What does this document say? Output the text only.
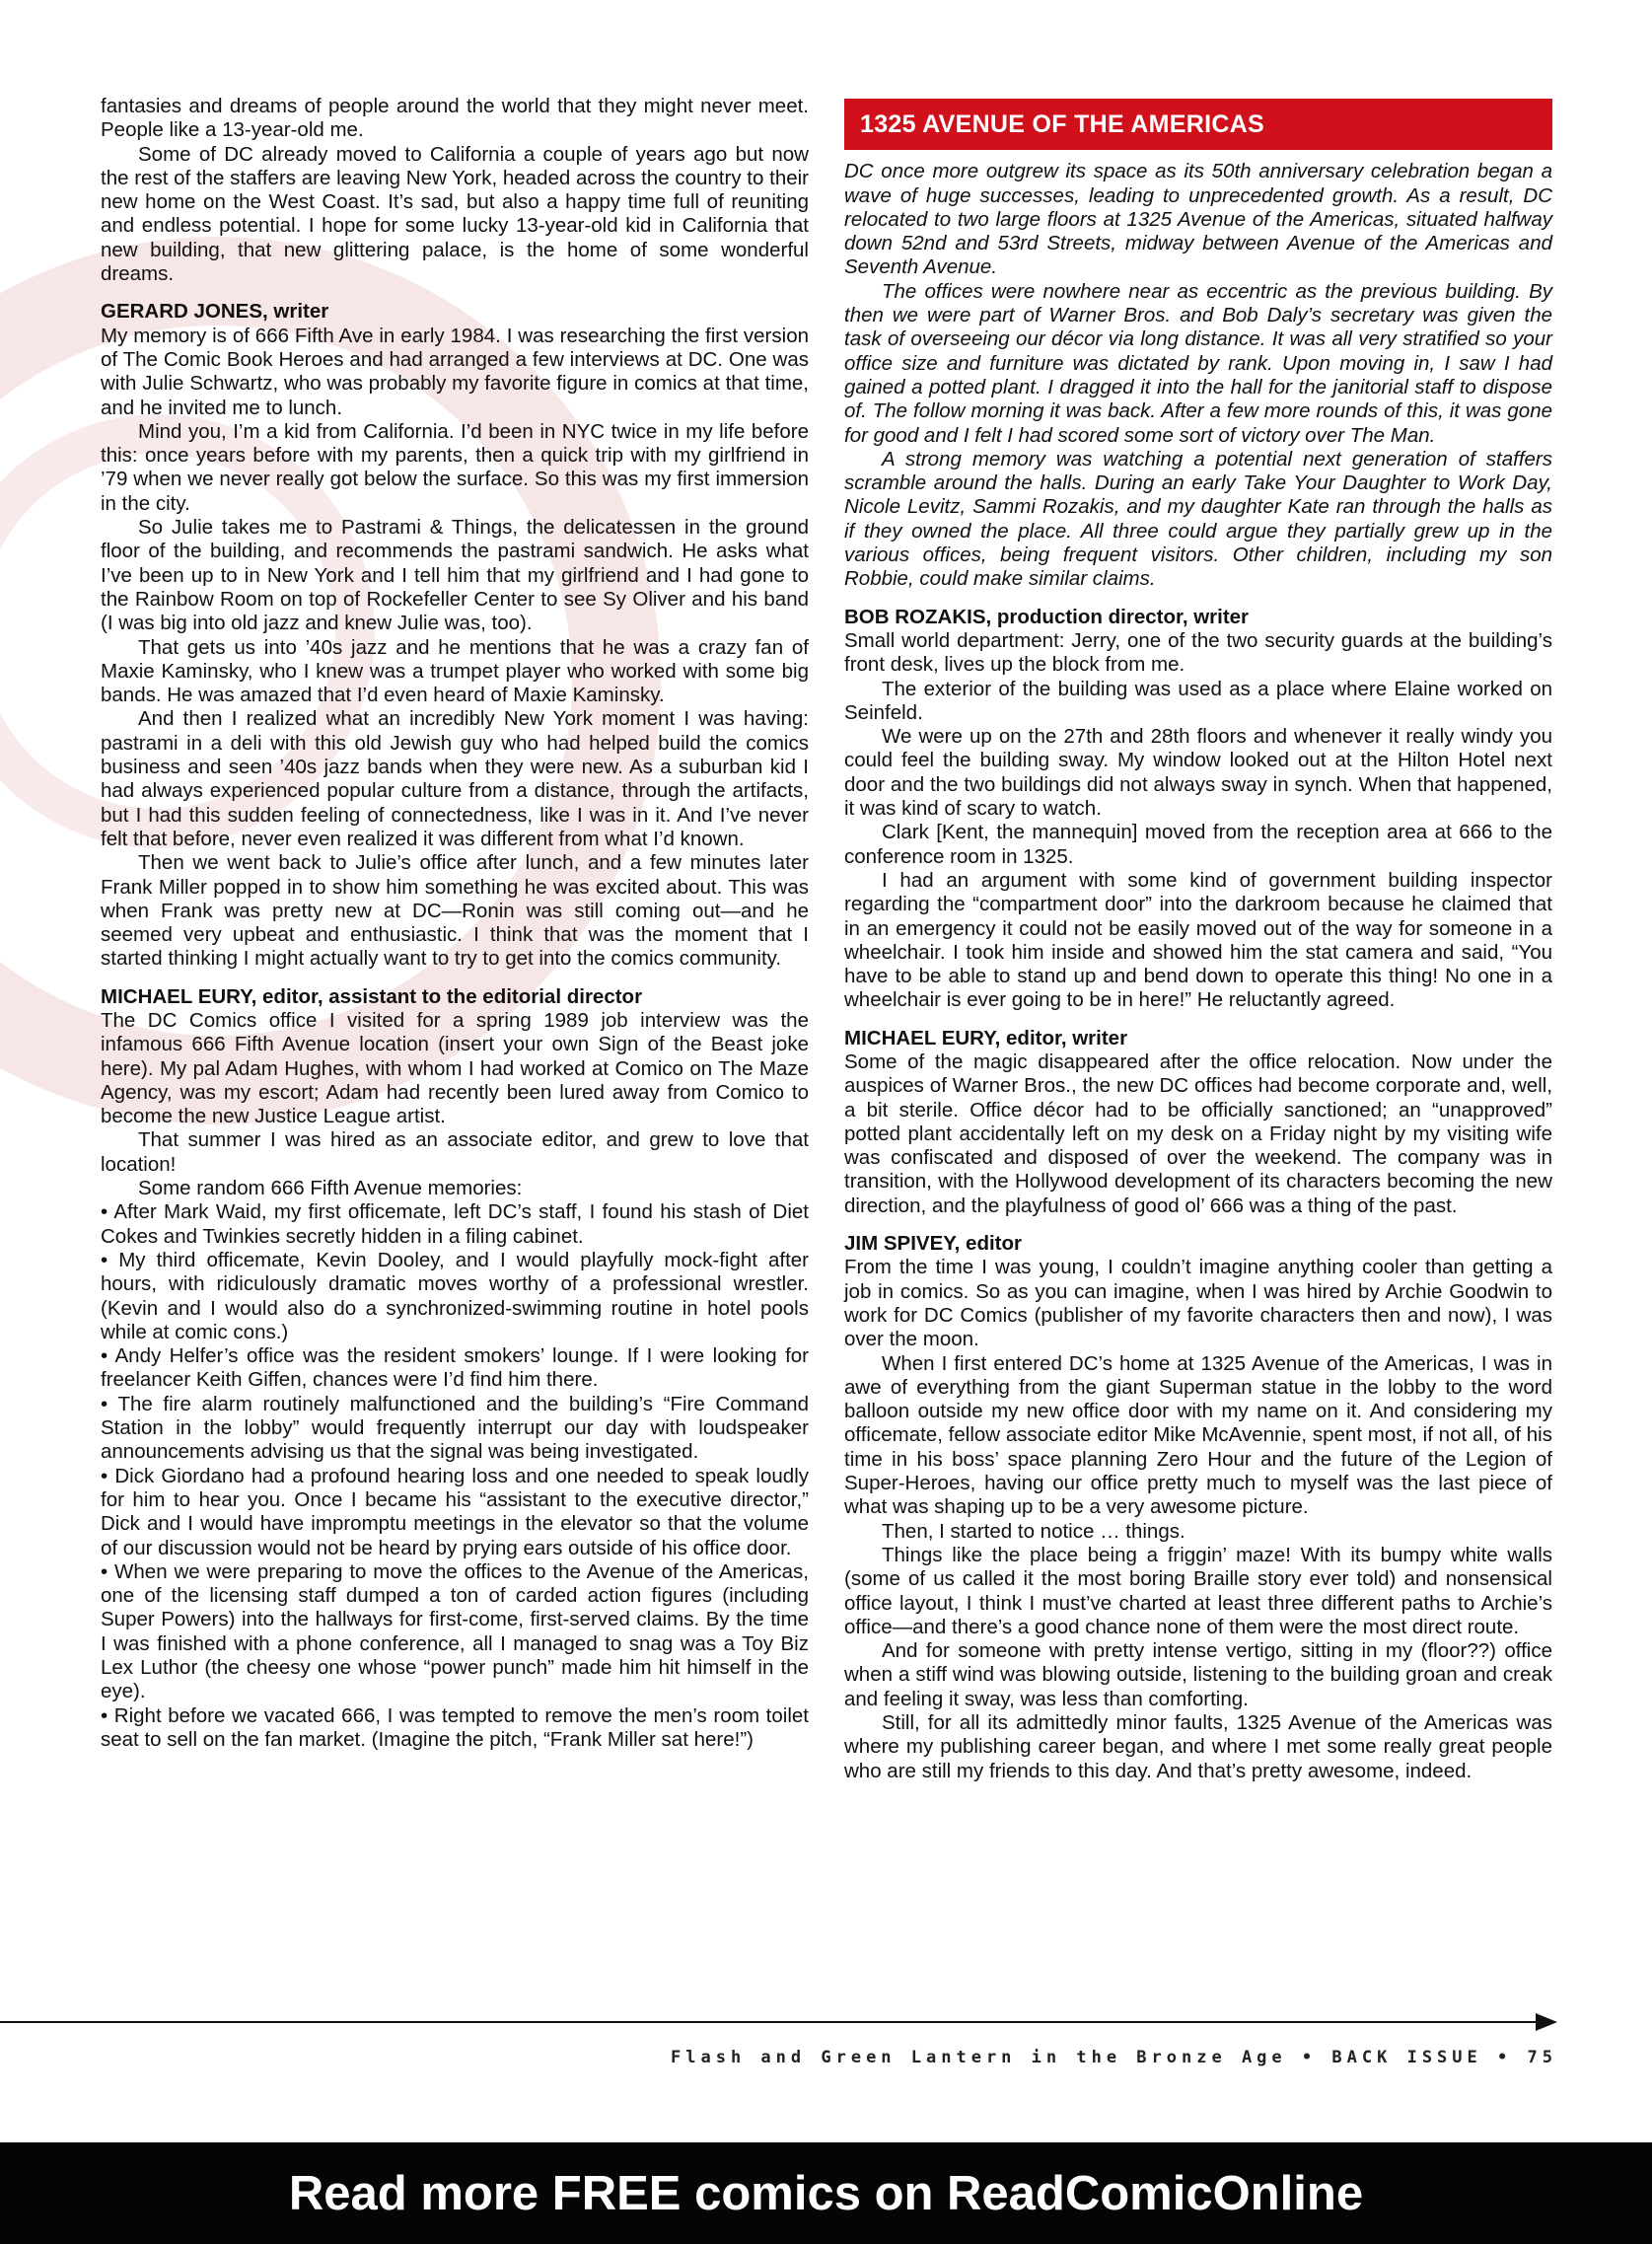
fantasies and dreams of people around the world that they might never meet. People like a 13-year-old me.

Some of DC already moved to California a couple of years ago but now the rest of the staffers are leaving New York, headed across the country to their new home on the West Coast. It’s sad, but also a happy time full of reuniting and endless potential. I hope for some lucky 13-year-old kid in California that new building, that new glittering palace, is the home of some wonderful dreams.

GERARD JONES, writer

My memory is of 666 Fifth Ave in early 1984. I was researching the first version of The Comic Book Heroes and had arranged a few interviews at DC. One was with Julie Schwartz, who was probably my favorite figure in comics at that time, and he invited me to lunch.

Mind you, I’m a kid from California. I’d been in NYC twice in my life before this: once years before with my parents, then a quick trip with my girlfriend in ’79 when we never really got below the surface. So this was my first immersion in the city.

So Julie takes me to Pastrami & Things, the delicatessen in the ground floor of the building, and recommends the pastrami sandwich. He asks what I’ve been up to in New York and I tell him that my girlfriend and I had gone to the Rainbow Room on top of Rockefeller Center to see Sy Oliver and his band (I was big into old jazz and knew Julie was, too).

That gets us into ’40s jazz and he mentions that he was a crazy fan of Maxie Kaminsky, who I knew was a trumpet player who worked with some big bands. He was amazed that I’d even heard of Maxie Kaminsky.

And then I realized what an incredibly New York moment I was having: pastrami in a deli with this old Jewish guy who had helped build the comics business and seen ’40s jazz bands when they were new. As a suburban kid I had always experienced popular culture from a distance, through the artifacts, but I had this sudden feeling of connectedness, like I was in it. And I’ve never felt that before, never even realized it was different from what I’d known.

Then we went back to Julie’s office after lunch, and a few minutes later Frank Miller popped in to show him something he was excited about. This was when Frank was pretty new at DC—Ronin was still coming out—and he seemed very upbeat and enthusiastic. I think that was the moment that I started thinking I might actually want to try to get into the comics community.

MICHAEL EURY, editor, assistant to the editorial director

The DC Comics office I visited for a spring 1989 job interview was the infamous 666 Fifth Avenue location (insert your own Sign of the Beast joke here). My pal Adam Hughes, with whom I had worked at Comico on The Maze Agency, was my escort; Adam had recently been lured away from Comico to become the new Justice League artist.

That summer I was hired as an associate editor, and grew to love that location!

Some random 666 Fifth Avenue memories:

• After Mark Waid, my first officemate, left DC’s staff, I found his stash of Diet Cokes and Twinkies secretly hidden in a filing cabinet.

• My third officemate, Kevin Dooley, and I would playfully mock-fight after hours, with ridiculously dramatic moves worthy of a professional wrestler. (Kevin and I would also do a synchronized-swimming routine in hotel pools while at comic cons.)

• Andy Helfer’s office was the resident smokers’ lounge. If I were looking for freelancer Keith Giffen, chances were I’d find him there.

• The fire alarm routinely malfunctioned and the building’s “Fire Command Station in the lobby” would frequently interrupt our day with loudspeaker announcements advising us that the signal was being investigated.

• Dick Giordano had a profound hearing loss and one needed to speak loudly for him to hear you. Once I became his “assistant to the executive director,” Dick and I would have impromptu meetings in the elevator so that the volume of our discussion would not be heard by prying ears outside of his office door.

• When we were preparing to move the offices to the Avenue of the Americas, one of the licensing staff dumped a ton of carded action figures (including Super Powers) into the hallways for first-come, first-served claims. By the time I was finished with a phone conference, all I managed to snag was a Toy Biz Lex Luthor (the cheesy one whose “power punch” made him hit himself in the eye).

• Right before we vacated 666, I was tempted to remove the men’s room toilet seat to sell on the fan market. (Imagine the pitch, “Frank Miller sat here!”)

1325 AVENUE OF THE AMERICAS

DC once more outgrew its space as its 50th anniversary celebration began a wave of huge successes, leading to unprecedented growth. As a result, DC relocated to two large floors at 1325 Avenue of the Americas, situated halfway down 52nd and 53rd Streets, midway between Avenue of the Americas and Seventh Avenue.

The offices were nowhere near as eccentric as the previous building. By then we were part of Warner Bros. and Bob Daly’s secretary was given the task of overseeing our décor via long distance. It was all very stratified so your office size and furniture was dictated by rank. Upon moving in, I saw I had gained a potted plant. I dragged it into the hall for the janitorial staff to dispose of. The follow morning it was back. After a few more rounds of this, it was gone for good and I felt I had scored some sort of victory over The Man.

A strong memory was watching a potential next generation of staffers scramble around the halls. During an early Take Your Daughter to Work Day, Nicole Levitz, Sammi Rozakis, and my daughter Kate ran through the halls as if they owned the place. All three could argue they partially grew up in the various offices, being frequent visitors. Other children, including my son Robbie, could make similar claims.

BOB ROZAKIS, production director, writer

Small world department: Jerry, one of the two security guards at the building’s front desk, lives up the block from me.

The exterior of the building was used as a place where Elaine worked on Seinfeld.

We were up on the 27th and 28th floors and whenever it really windy you could feel the building sway. My window looked out at the Hilton Hotel next door and the two buildings did not always sway in synch. When that happened, it was kind of scary to watch.

Clark [Kent, the mannequin] moved from the reception area at 666 to the conference room in 1325.

I had an argument with some kind of government building inspector regarding the “compartment door” into the darkroom because he claimed that in an emergency it could not be easily moved out of the way for someone in a wheelchair. I took him inside and showed him the stat camera and said, “You have to be able to stand up and bend down to operate this thing! No one in a wheelchair is ever going to be in here!” He reluctantly agreed.

MICHAEL EURY, editor, writer

Some of the magic disappeared after the office relocation. Now under the auspices of Warner Bros., the new DC offices had become corporate and, well, a bit sterile. Office décor had to be officially sanctioned; an “unapproved” potted plant accidentally left on my desk on a Friday night by my visiting wife was confiscated and disposed of over the weekend. The company was in transition, with the Hollywood development of its characters becoming the new direction, and the playfulness of good ol’ 666 was a thing of the past.

JIM SPIVEY, editor

From the time I was young, I couldn’t imagine anything cooler than getting a job in comics. So as you can imagine, when I was hired by Archie Goodwin to work for DC Comics (publisher of my favorite characters then and now), I was over the moon.

When I first entered DC’s home at 1325 Avenue of the Americas, I was in awe of everything from the giant Superman statue in the lobby to the word balloon outside my new office door with my name on it. And considering my officemate, fellow associate editor Mike McAvennie, spent most, if not all, of his time in his boss’ space planning Zero Hour and the future of the Legion of Super-Heroes, having our office pretty much to myself was the last piece of what was shaping up to be a very awesome picture.

Then, I started to notice … things.

Things like the place being a friggin’ maze! With its bumpy white walls (some of us called it the most boring Braille story ever told) and nonsensical office layout, I think I must’ve charted at least three different paths to Archie’s office—and there’s a good chance none of them were the most direct route.

And for someone with pretty intense vertigo, sitting in my (floor??) office when a stiff wind was blowing outside, listening to the building groan and creak and feeling it sway, was less than comforting.

Still, for all its admittedly minor faults, 1325 Avenue of the Americas was where my publishing career began, and where I met some really great people who are still my friends to this day. And that’s pretty awesome, indeed.

Flash and Green Lantern in the Bronze Age • BACK ISSUE • 75
Read more FREE comics on ReadComicOnline
